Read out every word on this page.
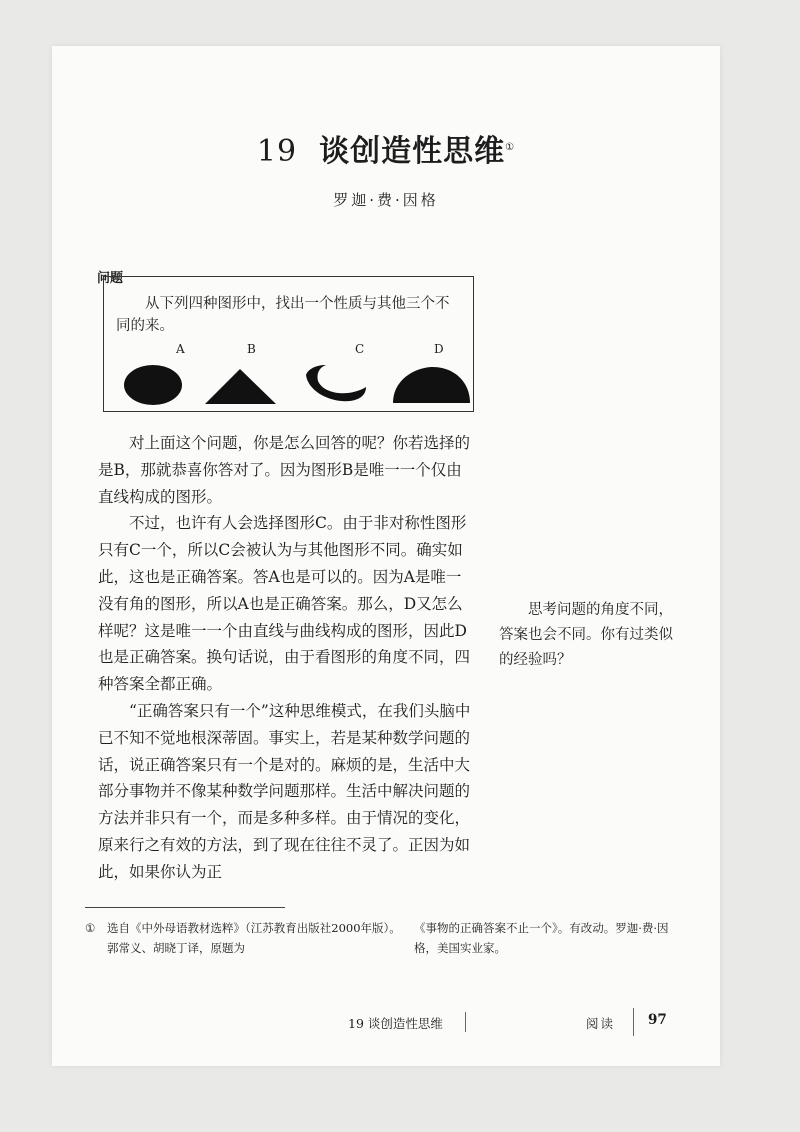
19 谈创造性思维①
罗迦·费·因格
问题
从下列四种图形中，找出一个性质与其他三个不同的来。
A	B	C	D

对上面这个问题，你是怎么回答的呢？你若选择的是B，那就恭喜你答对了。因为图形B是唯一一个仅由直线构成的图形。

不过，也许有人会选择图形C。由于非对称性图形只有C一个，所以C会被认为与其他图形不同。确实如此，这也是正确答案。答A也是可以的。因为A是唯一没有角的图形，所以A也是正确答案。那么，D又怎么样呢？这是唯一一个由直线与曲线构成的图形，因此D也是正确答案。换句话说，由于看图形的角度不同，四种答案全都正确。

“正确答案只有一个”这种思维模式，在我们头脑中已不知不觉地根深蒂固。事实上，若是某种数学问题的话，说正确答案只有一个是对的。麻烦的是，生活中大部分事物并不像某种数学问题那样。生活中解决问题的方法并非只有一个，而是多种多样。由于情况的变化，原来行之有效的方法，到了现在往往不灵了。正因为如此，如果你认为正

思考问题的角度不同，答案也会不同。你有过类似的经验吗？

① 选自《中外母语教材选粹》（江苏教育出版社2000年版）。郭常义、胡晓丁译，原题为
《事物的正确答案不止一个》。有改动。罗迦·费·因格，美国实业家。
19 谈创造性思维	阅读 97
